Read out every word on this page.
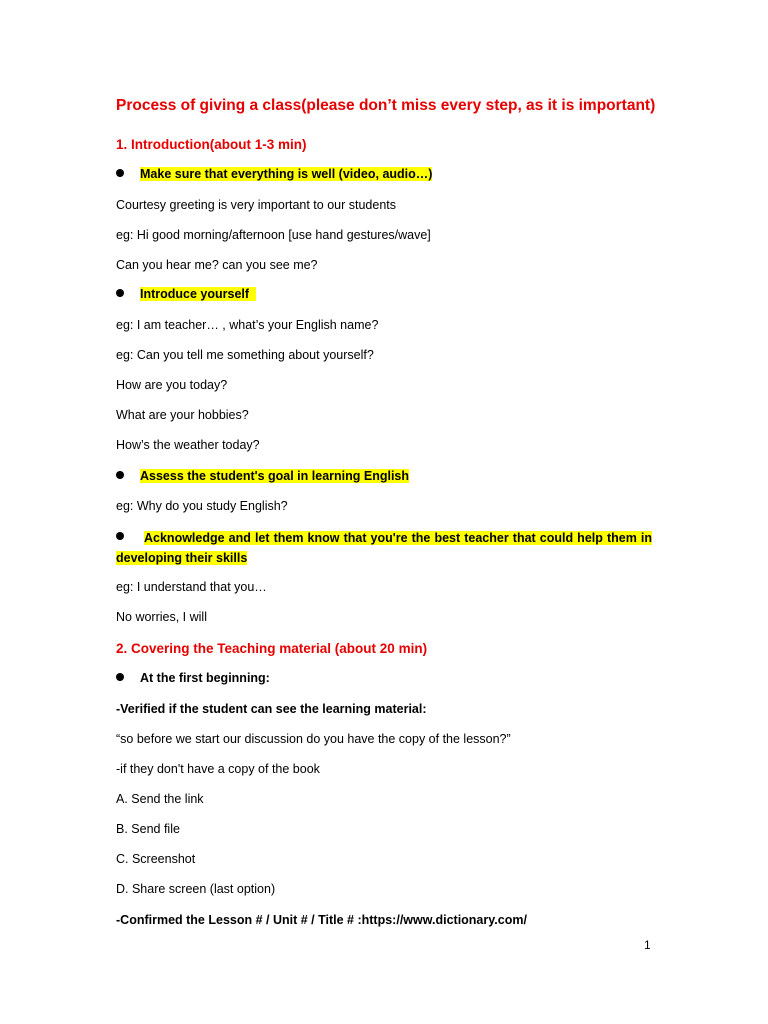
Process of giving a class(please don’t miss every step, as it is important)
1. Introduction(about 1-3 min)
Make sure that everything is well (video, audio…)
Courtesy greeting is very important to our students
eg: Hi good morning/afternoon [use hand gestures/wave]
Can you hear me? can you see me?
Introduce yourself
eg: I am teacher… , what’s your English name?
eg: Can you tell me something about yourself?
How are you today?
What are your hobbies?
How’s the weather today?
Assess the student's goal in learning English
eg: Why do you study English?
Acknowledge and let them know that you're the best teacher that could help them in developing their skills
eg: I understand that you…
No worries, I will
2. Covering the Teaching material (about 20 min)
At the first beginning:
-Verified if the student can see the learning material:
“so before we start our discussion do you have the copy of the lesson?”
-if they don't have a copy of the book
A. Send the link
B. Send file
C. Screenshot
D. Share screen (last option)
-Confirmed the Lesson # / Unit # / Title # :https://www.dictionary.com/
1
